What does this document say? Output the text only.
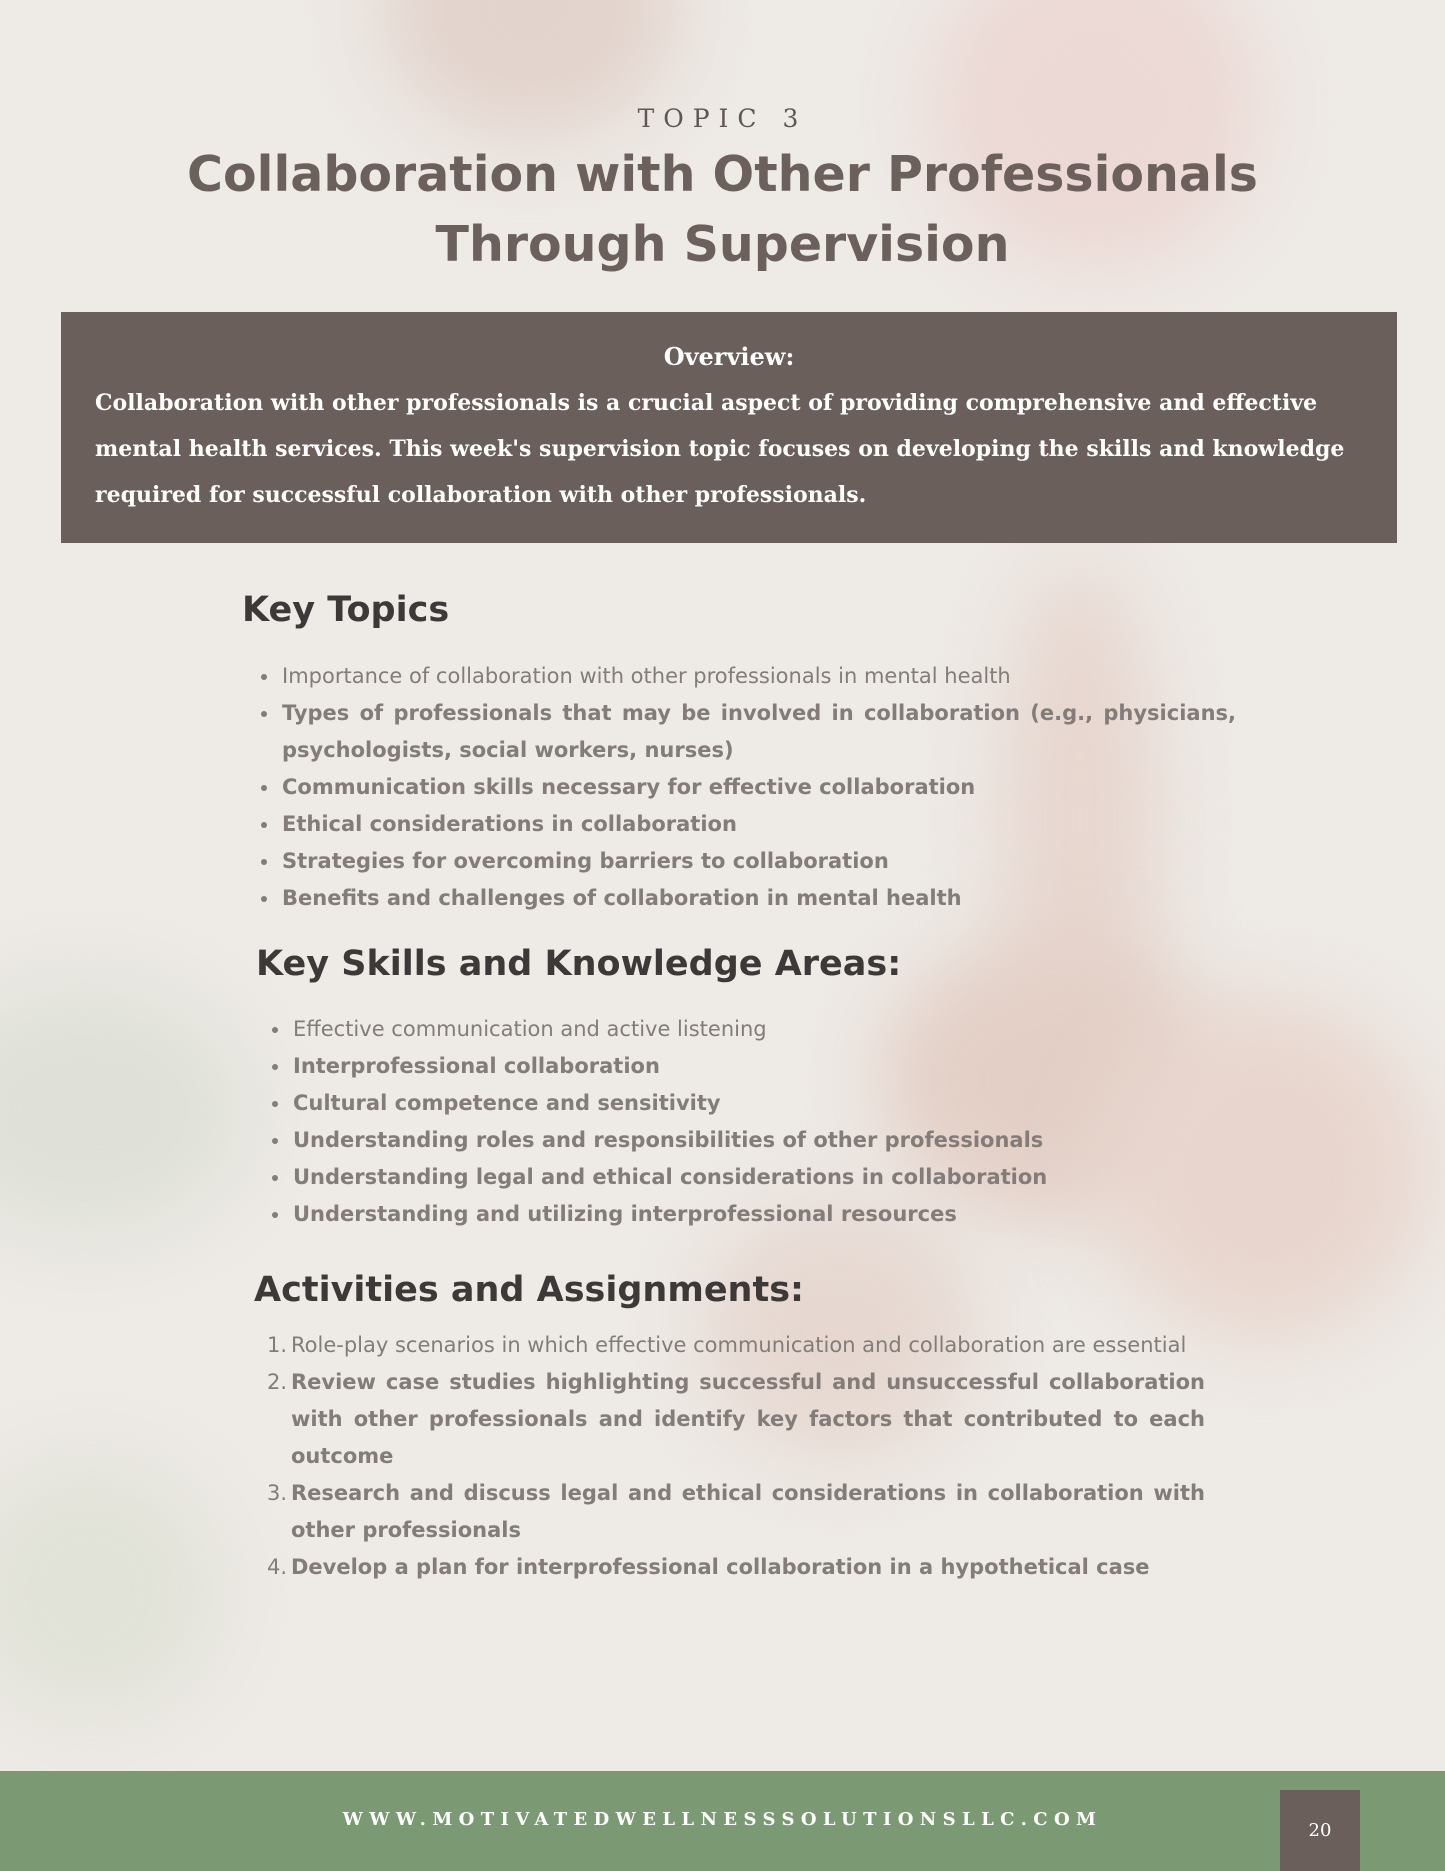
TOPIC 3
Collaboration with Other Professionals Through Supervision
Overview:
Collaboration with other professionals is a crucial aspect of providing comprehensive and effective mental health services. This week's supervision topic focuses on developing the skills and knowledge required for successful collaboration with other professionals.
Key Topics
• Importance of collaboration with other professionals in mental health
• Types of professionals that may be involved in collaboration (e.g., physicians, psychologists, social workers, nurses)
• Communication skills necessary for effective collaboration
• Ethical considerations in collaboration
• Strategies for overcoming barriers to collaboration
• Benefits and challenges of collaboration in mental health
Key Skills and Knowledge Areas:
• Effective communication and active listening
• Interprofessional collaboration
• Cultural competence and sensitivity
• Understanding roles and responsibilities of other professionals
• Understanding legal and ethical considerations in collaboration
• Understanding and utilizing interprofessional resources
Activities and Assignments:
1. Role-play scenarios in which effective communication and collaboration are essential
2. Review case studies highlighting successful and unsuccessful collaboration with other professionals and identify key factors that contributed to each outcome
3. Research and discuss legal and ethical considerations in collaboration with other professionals
4. Develop a plan for interprofessional collaboration in a hypothetical case
WWW.MOTIVATEDWELLNESSSOLUTIONSLLC.COM
20
